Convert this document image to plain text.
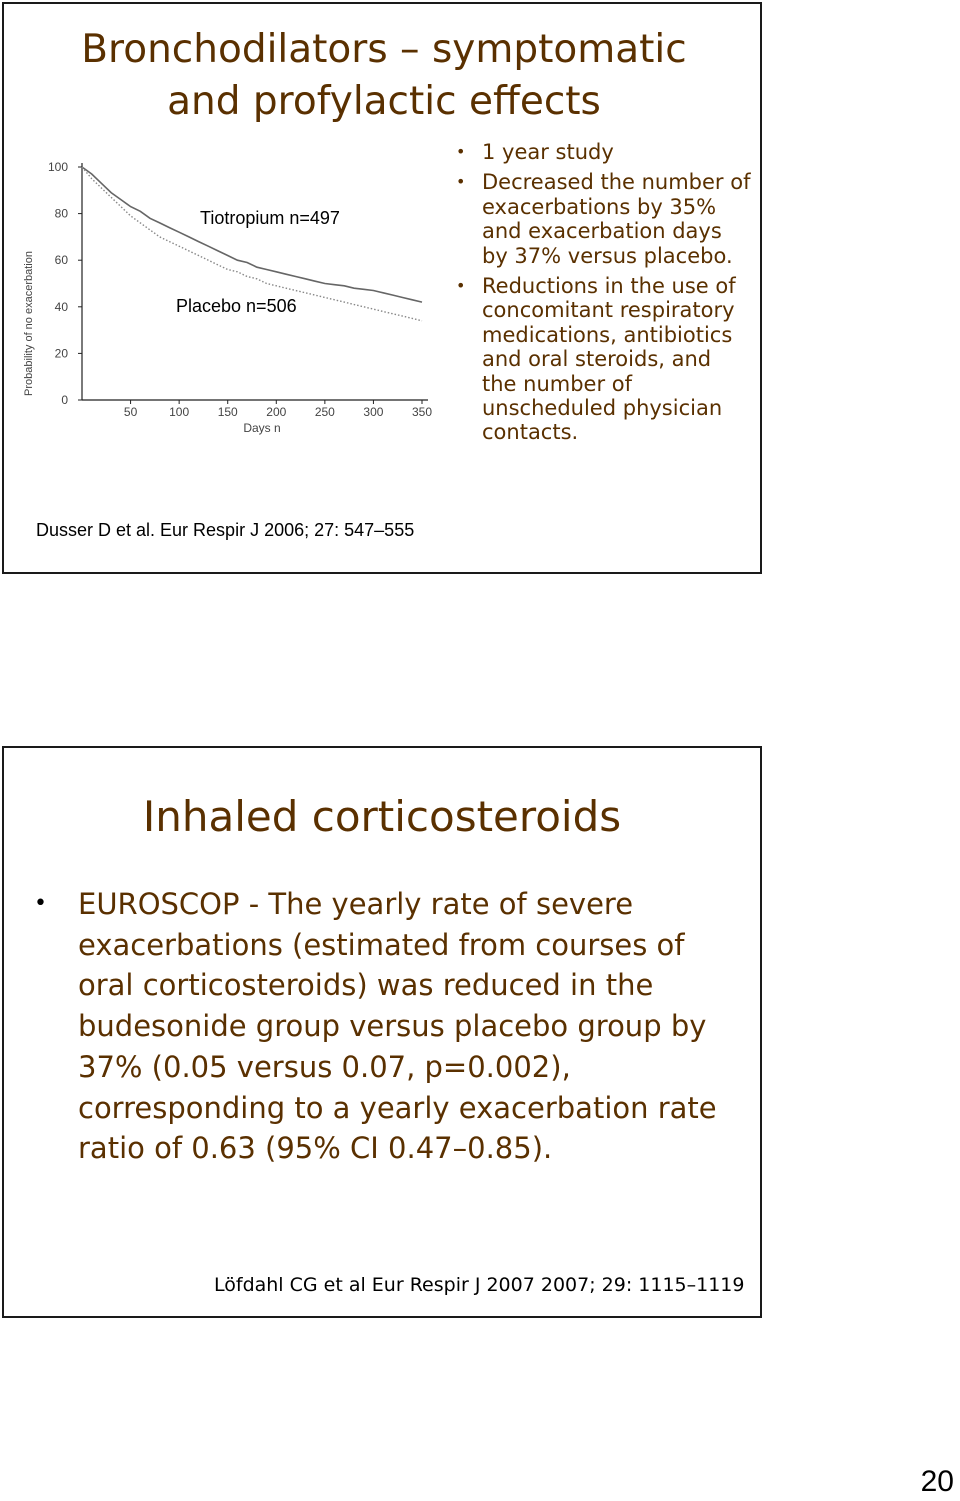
Bronchodilators – symptomatic and profylactic effects
0
20
40
60
80
100
50	100 150 200 250 300 350
Days n
Probability of no exacerbation
Tiotropium n=497
Placebo n=506
Dusser D et al. Eur Respir J 2006; 27: 547–555
• 1 year study
• Decreased the number of exacerbations by 35% and exacerbation days by 37% versus placebo.
• Reductions in the use of concomitant respiratory medications, antibiotics and oral steroids, and the number of unscheduled physician contacts.
Inhaled corticosteroids
• EUROSCOP - The yearly rate of severe exacerbations (estimated from courses of oral corticosteroids) was reduced in the budesonide group versus placebo group by 37% (0.05 versus 0.07, p=0.002), corresponding to a yearly exacerbation rate ratio of 0.63 (95% CI 0.47–0.85).
Löfdahl CG et al Eur Respir J 2007 2007; 29: 1115–1119
20
